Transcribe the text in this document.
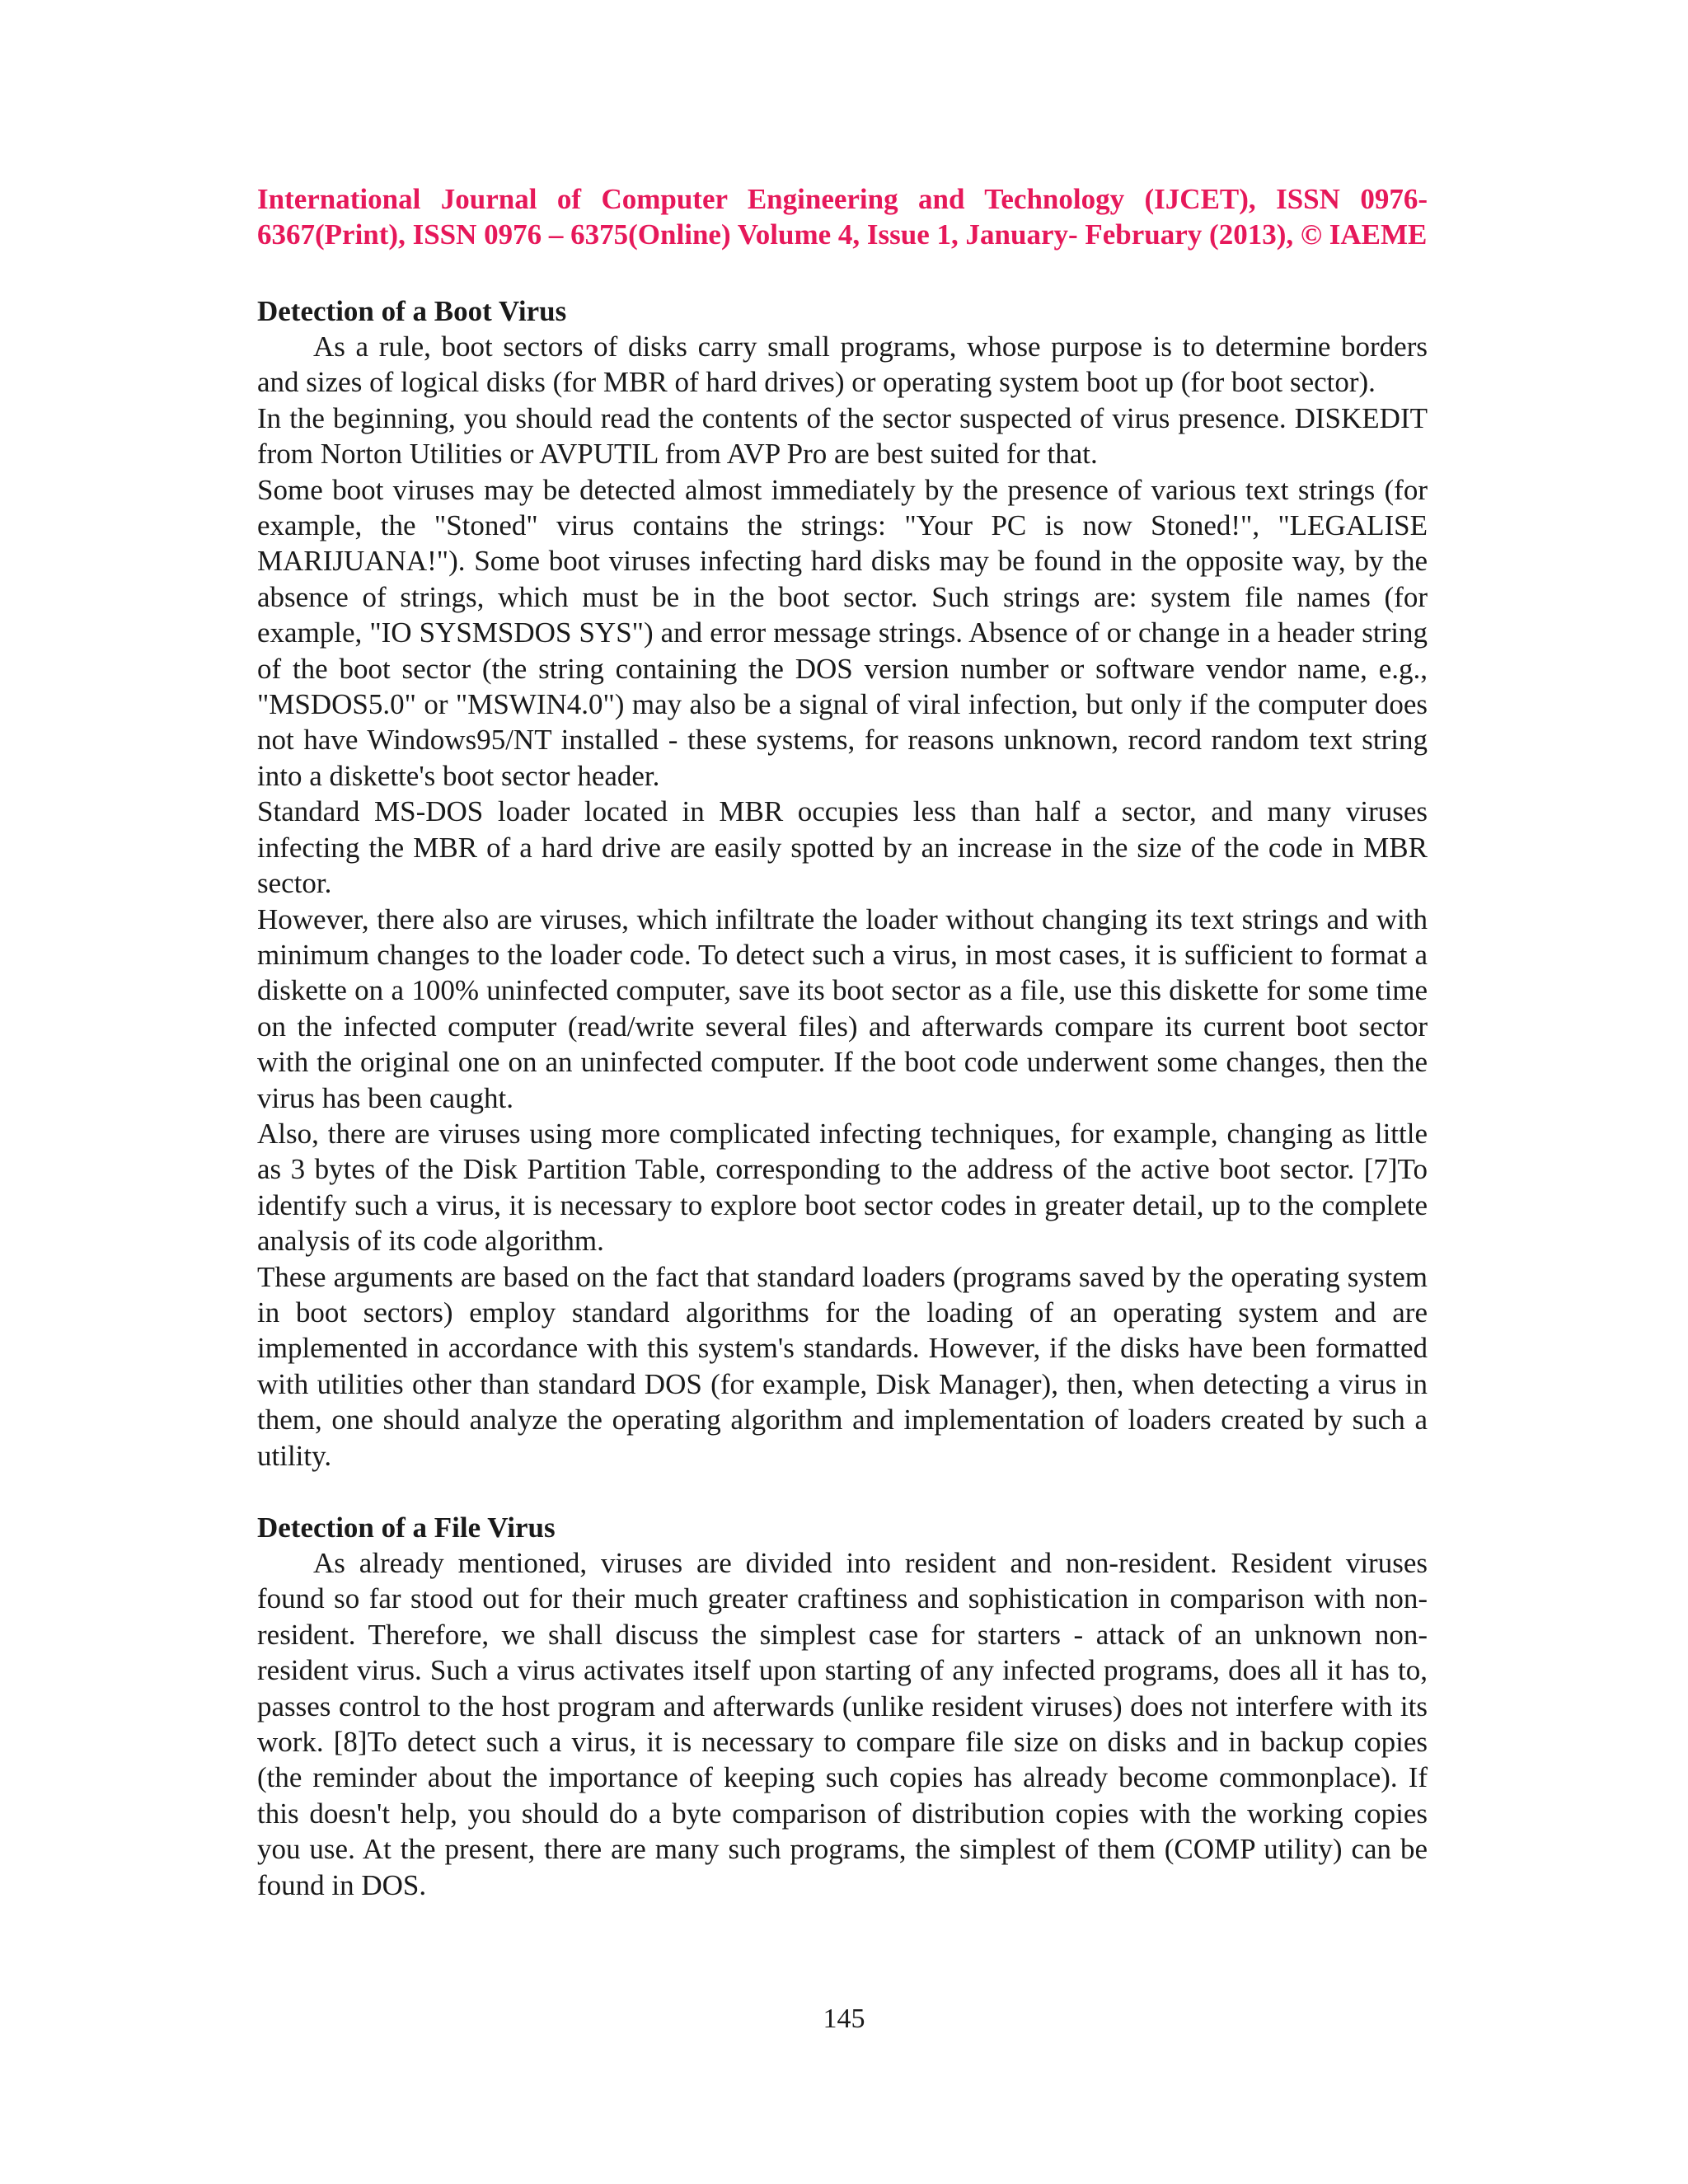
International Journal of Computer Engineering and Technology (IJCET), ISSN 0976-6367(Print), ISSN 0976 – 6375(Online) Volume 4, Issue 1, January- February (2013), © IAEME

Detection of a Boot Virus

As a rule, boot sectors of disks carry small programs, whose purpose is to determine borders and sizes of logical disks (for MBR of hard drives) or operating system boot up (for boot sector).

In the beginning, you should read the contents of the sector suspected of virus presence. DISKEDIT from Norton Utilities or AVPUTIL from AVP Pro are best suited for that.

Some boot viruses may be detected almost immediately by the presence of various text strings (for example, the "Stoned" virus contains the strings: "Your PC is now Stoned!", "LEGALISE MARIJUANA!"). Some boot viruses infecting hard disks may be found in the opposite way, by the absence of strings, which must be in the boot sector. Such strings are: system file names (for example, "IO SYSMSDOS SYS") and error message strings. Absence of or change in a header string of the boot sector (the string containing the DOS version number or software vendor name, e.g., "MSDOS5.0" or "MSWIN4.0") may also be a signal of viral infection, but only if the computer does not have Windows95/NT installed - these systems, for reasons unknown, record random text string into a diskette's boot sector header.

Standard MS-DOS loader located in MBR occupies less than half a sector, and many viruses infecting the MBR of a hard drive are easily spotted by an increase in the size of the code in MBR sector.

However, there also are viruses, which infiltrate the loader without changing its text strings and with minimum changes to the loader code. To detect such a virus, in most cases, it is sufficient to format a diskette on a 100% uninfected computer, save its boot sector as a file, use this diskette for some time on the infected computer (read/write several files) and afterwards compare its current boot sector with the original one on an uninfected computer. If the boot code underwent some changes, then the virus has been caught.

Also, there are viruses using more complicated infecting techniques, for example, changing as little as 3 bytes of the Disk Partition Table, corresponding to the address of the active boot sector. [7]To identify such a virus, it is necessary to explore boot sector codes in greater detail, up to the complete analysis of its code algorithm.

These arguments are based on the fact that standard loaders (programs saved by the operating system in boot sectors) employ standard algorithms for the loading of an operating system and are implemented in accordance with this system's standards. However, if the disks have been formatted with utilities other than standard DOS (for example, Disk Manager), then, when detecting a virus in them, one should analyze the operating algorithm and implementation of loaders created by such a utility.

Detection of a File Virus

As already mentioned, viruses are divided into resident and non-resident. Resident viruses found so far stood out for their much greater craftiness and sophistication in comparison with non-resident. Therefore, we shall discuss the simplest case for starters - attack of an unknown non-resident virus. Such a virus activates itself upon starting of any infected programs, does all it has to, passes control to the host program and afterwards (unlike resident viruses) does not interfere with its work. [8]To detect such a virus, it is necessary to compare file size on disks and in backup copies (the reminder about the importance of keeping such copies has already become commonplace). If this doesn't help, you should do a byte comparison of distribution copies with the working copies you use. At the present, there are many such programs, the simplest of them (COMP utility) can be found in DOS.

145
